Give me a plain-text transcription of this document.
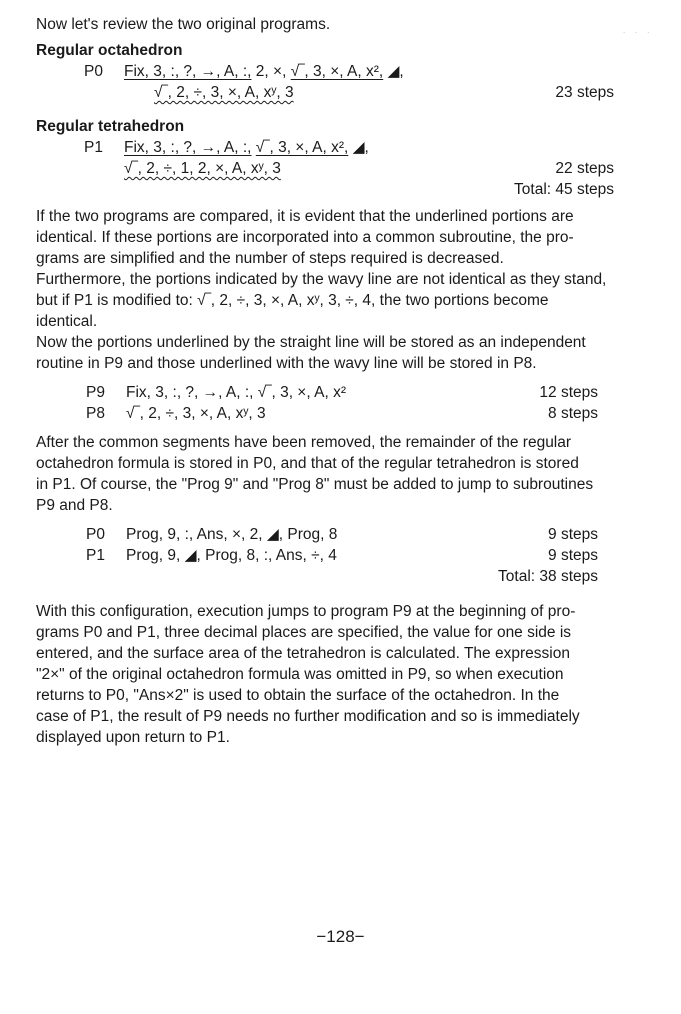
· · ·
Now let's review the two original programs.
Regular octahedron
P0 Fix, 3, :, ?, →, A, :, 2, ×, √‾, 3, ×, A, x², ◢,
√‾, 2, ÷, 3, ×, A, xʸ, 3	23 steps
Regular tetrahedron
P1 Fix, 3, :, ?, →, A, :, √‾, 3, ×, A, x², ◢,
√‾, 2, ÷, 1, 2, ×, A, xʸ, 3	22 steps
Total: 45 steps
If the two programs are compared, it is evident that the underlined portions are
identical. If these portions are incorporated into a common subroutine, the pro-
grams are simplified and the number of steps required is decreased.
Furthermore, the portions indicated by the wavy line are not identical as they stand,
but if P1 is modified to: √‾, 2, ÷, 3, ×, A, xʸ, 3, ÷, 4, the two portions become
identical.
Now the portions underlined by the straight line will be stored as an independent
routine in P9 and those underlined with the wavy line will be stored in P8.
P9 Fix, 3, :, ?, →, A, :, √‾, 3, ×, A, x²	12 steps
P8 √‾, 2, ÷, 3, ×, A, xʸ, 3	8 steps
After the common segments have been removed, the remainder of the regular
octahedron formula is stored in P0, and that of the regular tetrahedron is stored
in P1. Of course, the "Prog 9" and "Prog 8" must be added to jump to subroutines
P9 and P8.
P0 Prog, 9, :, Ans, ×, 2, ◢, Prog, 8	9 steps
P1 Prog, 9, ◢, Prog, 8, :, Ans, ÷, 4	9 steps
Total: 38 steps
With this configuration, execution jumps to program P9 at the beginning of pro-
grams P0 and P1, three decimal places are specified, the value for one side is
entered, and the surface area of the tetrahedron is calculated. The expression
"2×" of the original octahedron formula was omitted in P9, so when execution
returns to P0, "Ans×2" is used to obtain the surface of the octahedron. In the
case of P1, the result of P9 needs no further modification and so is immediately
displayed upon return to P1.
−128−
